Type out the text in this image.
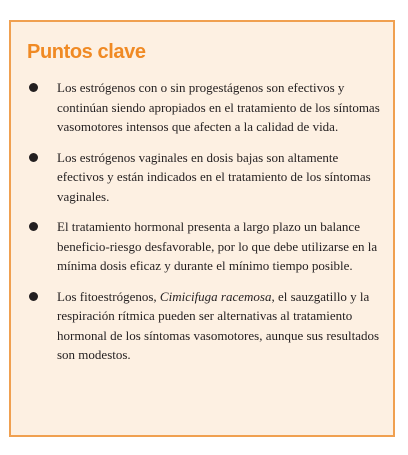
Puntos clave
Los estrógenos con o sin progestágenos son efectivos y continúan siendo apropiados en el tratamiento de los síntomas vasomotores intensos que afecten a la calidad de vida.
Los estrógenos vaginales en dosis bajas son altamente efectivos y están indicados en el tratamiento de los síntomas vaginales.
El tratamiento hormonal presenta a largo plazo un balance beneficio-riesgo desfavorable, por lo que debe utilizarse en la mínima dosis eficaz y durante el mínimo tiempo posible.
Los fitoestrógenos, Cimicifuga racemosa, el sauzgatillo y la respiración rítmica pueden ser alternativas al tratamiento hormonal de los síntomas vasomotores, aunque sus resultados son modestos.
